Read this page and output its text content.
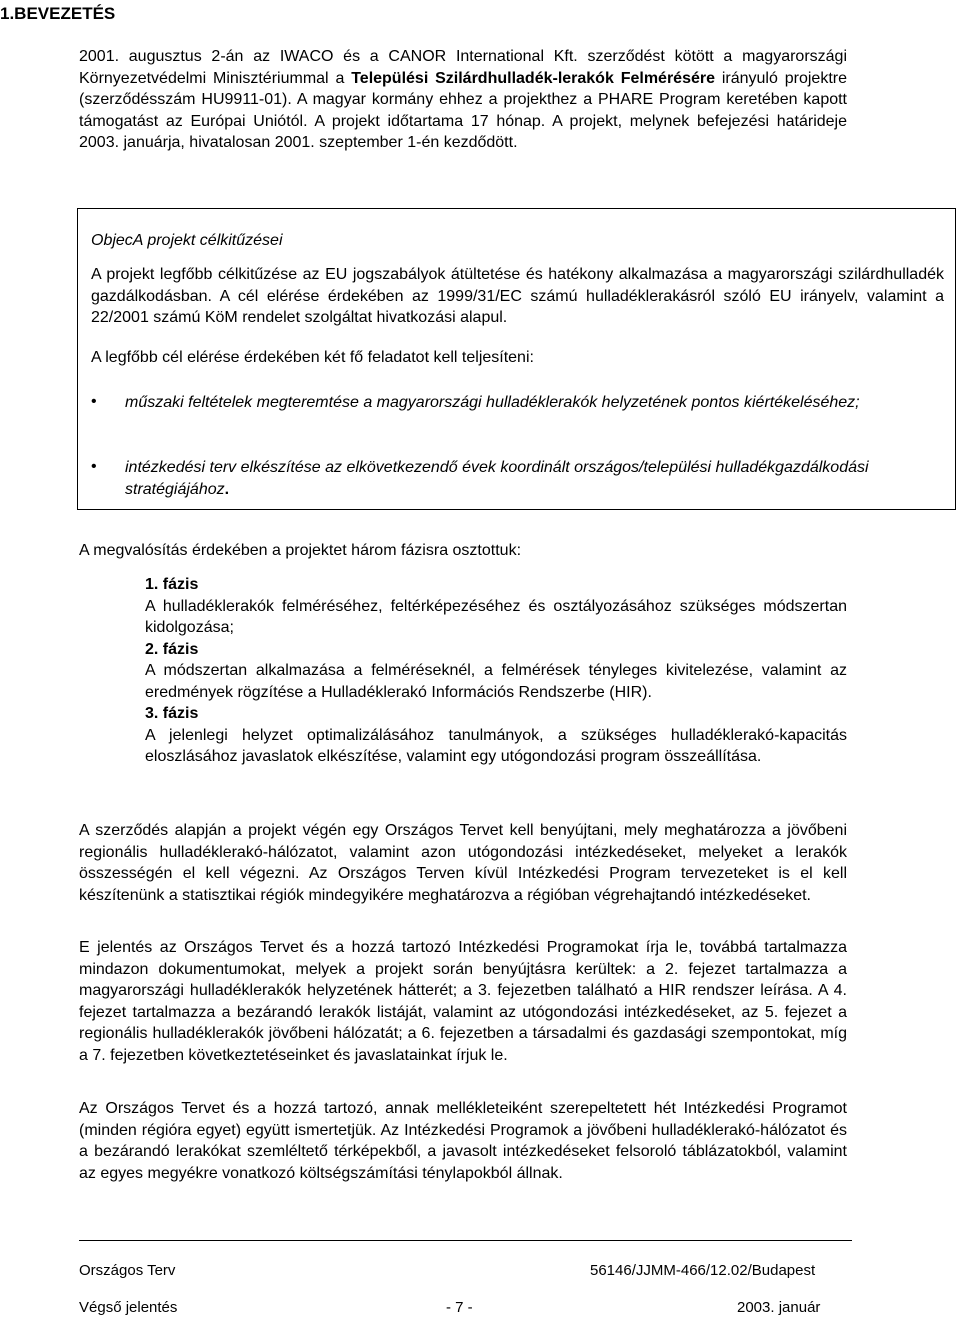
1.BEVEZETÉS
2001. augusztus 2-án az IWACO és a CANOR International Kft. szerződést kötött a magyarországi Környezetvédelmi Minisztériummal a Települési Szilárdhulladék-lerakók Felmérésére irányuló projektre (szerződésszám HU9911-01). A magyar kormány ehhez a projekthez a PHARE Program keretében kapott támogatást az Európai Uniótól. A projekt időtartama 17 hónap. A projekt, melynek befejezési határideje 2003. januárja, hivatalosan 2001. szeptember 1-én kezdődött.
ObjecA projekt célkitűzései
A projekt legfőbb célkitűzése az EU jogszabályok átültetése és hatékony alkalmazása a magyarországi szilárdhulladék gazdálkodásban. A cél elérése érdekében az 1999/31/EC számú hulladéklerakásról szóló EU irányelv, valamint a 22/2001 számú KöM rendelet szolgáltat hivatkozási alapul.
A legfőbb cél elérése érdekében két fő feladatot kell teljesíteni:
• műszaki feltételek megteremtése a magyarországi hulladéklerakók helyzetének pontos kiértékeléséhez;
• intézkedési terv elkészítése az elkövetkezendő évek koordinált országos/települési hulladékgazdálkodási stratégiájához.
A megvalósítás érdekében a projektet három fázisra osztottuk:
1. fázis
A hulladéklerakók felméréséhez, feltérképezéséhez és osztályozásához szükséges módszertan kidolgozása;
2. fázis
A módszertan alkalmazása a felméréseknél, a felmérések tényleges kivitelezése, valamint az eredmények rögzítése a Hulladéklerakó Információs Rendszerbe (HIR).
3. fázis
A jelenlegi helyzet optimalizálásához tanulmányok, a szükséges hulladéklerakó-kapacitás eloszlásához javaslatok elkészítése, valamint egy utógondozási program összeállítása.
A szerződés alapján a projekt végén egy Országos Tervet kell benyújtani, mely meghatározza a jövőbeni regionális hulladéklerakó-hálózatot, valamint azon utógondozási intézkedéseket, melyeket a lerakók összességén el kell végezni. Az Országos Terven kívül Intézkedési Program tervezeteket is el kell készítenünk a statisztikai régiók mindegyikére meghatározva a régióban végrehajtandó intézkedéseket.
E jelentés az Országos Tervet és a hozzá tartozó Intézkedési Programokat írja le, továbbá tartalmazza mindazon dokumentumokat, melyek a projekt során benyújtásra kerültek: a 2. fejezet tartalmazza a magyarországi hulladéklerakók helyzetének hátterét; a 3. fejezetben található a HIR rendszer leírása. A 4. fejezet tartalmazza a bezárandó lerakók listáját, valamint az utógondozási intézkedéseket, az 5. fejezet a regionális hulladéklerakók jövőbeni hálózatát; a 6. fejezetben a társadalmi és gazdasági szempontokat, míg a 7. fejezetben következtetéseinket és javaslatainkat írjuk le.
Az Országos Tervet és a hozzá tartozó, annak mellékleteiként szerepeltetett hét Intézkedési Programot (minden régióra egyet) együtt ismertetjük. Az Intézkedési Programok a jövőbeni hulladéklerakó-hálózatot és a bezárandó lerakókat szemléltető térképekből, a javasolt intézkedéseket felsoroló táblázatokból, valamint az egyes megyékre vonatkozó költségszámítási ténylapokból állnak.
Országos Terv	56146/JJMM-466/12.02/Budapest
Végső jelentés	- 7 -	2003. január
